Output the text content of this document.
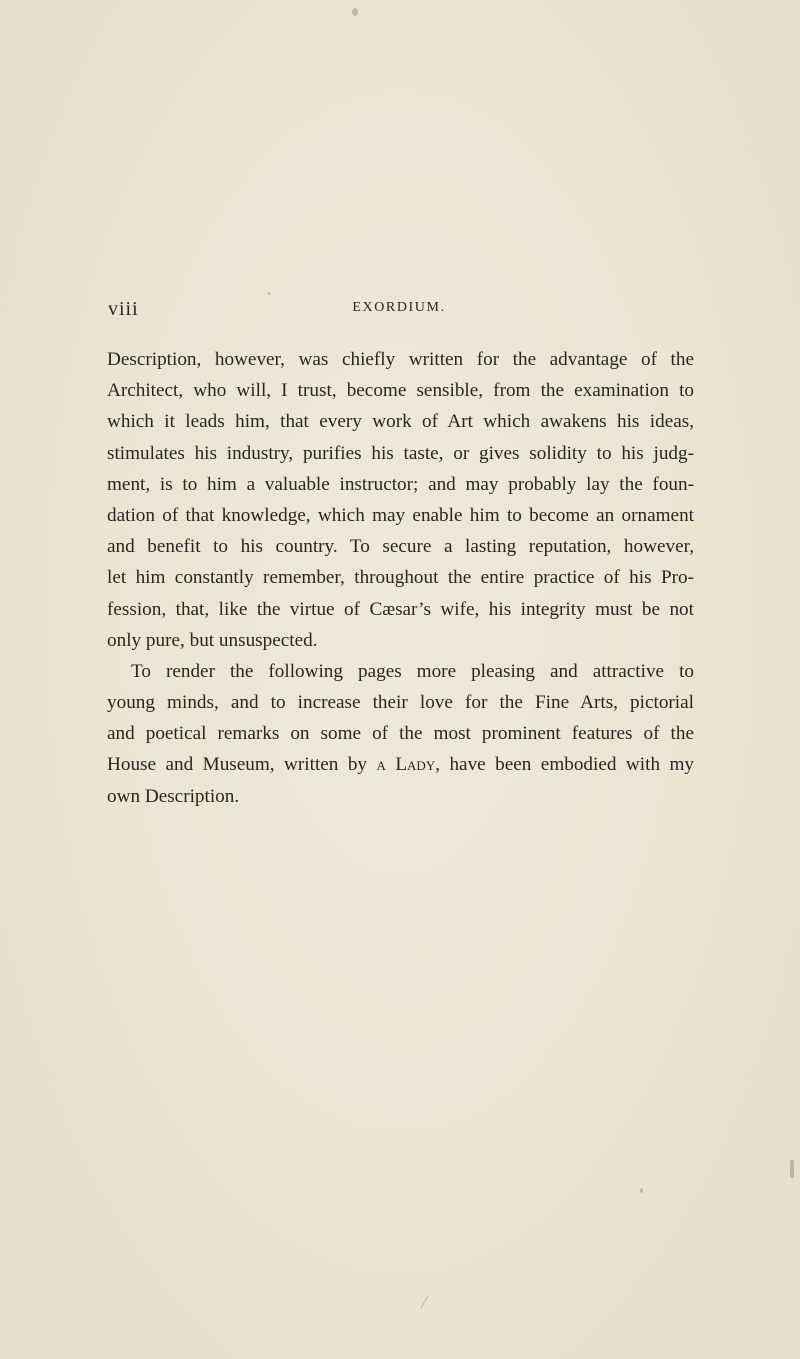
viii	EXORDIUM.
Description, however, was chiefly written for the advantage of the
Architect, who will, I trust, become sensible, from the examination to
which it leads him, that every work of Art which awakens his ideas,
stimulates his industry, purifies his taste, or gives solidity to his judg-
ment, is to him a valuable instructor; and may probably lay the foun-
dation of that knowledge, which may enable him to become an ornament
and benefit to his country. To secure a lasting reputation, however,
let him constantly remember, throughout the entire practice of his Pro-
fession, that, like the virtue of Cæsar’s wife, his integrity must be not
only pure, but unsuspected.
To render the following pages more pleasing and attractive to
young minds, and to increase their love for the Fine Arts, pictorial
and poetical remarks on some of the most prominent features of the
House and Museum, written by a Lady, have been embodied with my
own Description.
